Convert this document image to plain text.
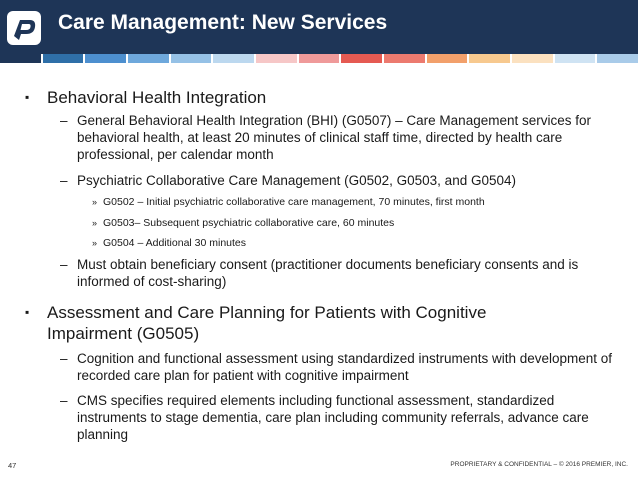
Care Management: New Services
▪ Behavioral Health Integration
– General Behavioral Health Integration (BHI) (G0507) – Care Management services for behavioral health, at least 20 minutes of clinical staff time, directed by health care professional, per calendar month
– Psychiatric Collaborative Care Management (G0502, G0503, and G0504)
» G0502 – Initial psychiatric collaborative care management, 70 minutes, first month
» G0503– Subsequent psychiatric collaborative care, 60 minutes
» G0504 – Additional 30 minutes
– Must obtain beneficiary consent (practitioner documents beneficiary consents and is informed of cost-sharing)
▪ Assessment and Care Planning for Patients with Cognitive Impairment (G0505)
– Cognition and functional assessment using standardized instruments with development of recorded care plan for patient with cognitive impairment
– CMS specifies required elements including functional assessment, standardized instruments to stage dementia, care plan including community referrals, advance care planning
47	PROPRIETARY & CONFIDENTIAL – © 2016 PREMIER, INC.
